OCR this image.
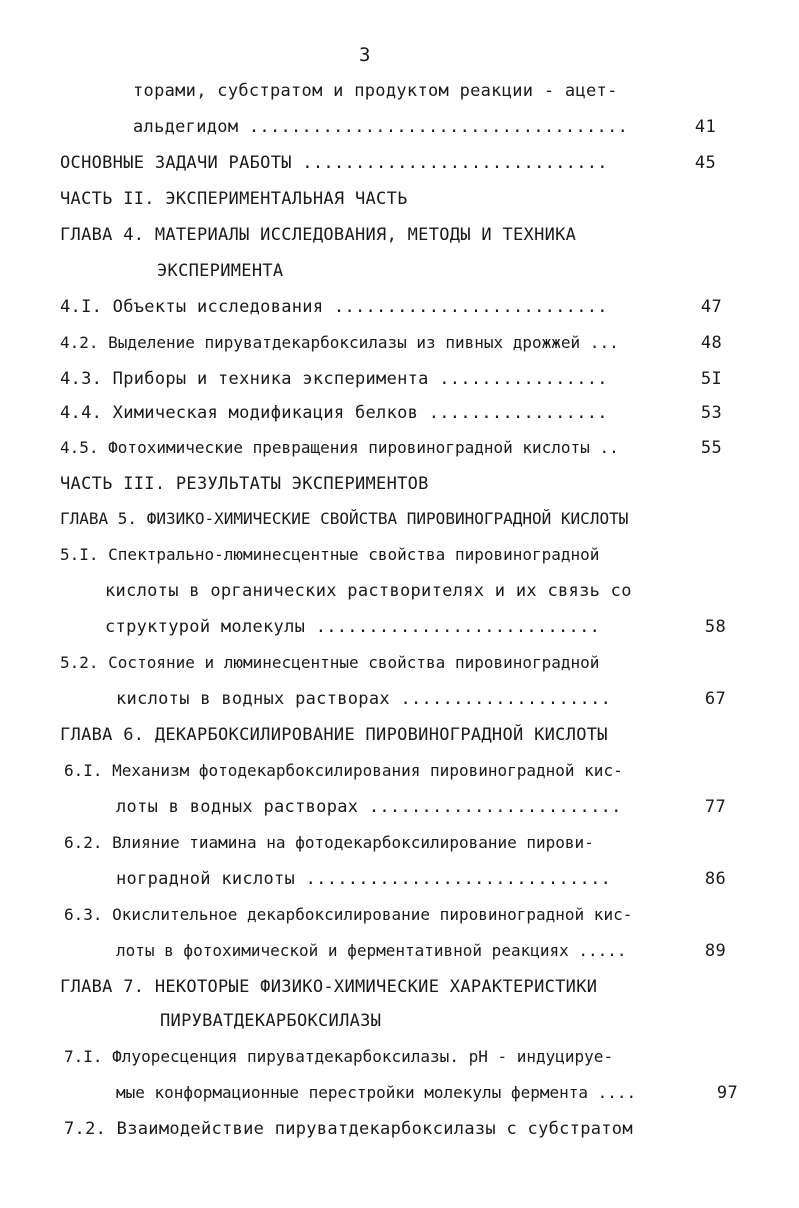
3
торами, субстратом и продуктом реакции - ацет-
альдегидом ....................................	41
ОСНОВНЫЕ ЗАДАЧИ РАБОТЫ .............................	45
ЧАСТЬ II. ЭКСПЕРИМЕНТАЛЬНАЯ ЧАСТЬ
ГЛАВА 4. МАТЕРИАЛЫ ИССЛЕДОВАНИЯ, МЕТОДЫ И ТЕХНИКА
ЭКСПЕРИМЕНТА
4.I. Объекты исследования ..........................	47
4.2. Выделение пируватдекарбоксилазы из пивных дрожжей ...	48
4.3. Приборы и техника эксперимента ................	5I
4.4. Химическая модификация белков .................	53
4.5. Фотохимические превращения пировиноградной кислоты ..	55
ЧАСТЬ III. РЕЗУЛЬТАТЫ ЭКСПЕРИМЕНТОВ
ГЛАВА 5. ФИЗИКО-ХИМИЧЕСКИЕ СВОЙСТВА ПИРОВИНОГРАДНОЙ КИСЛОТЫ
5.I. Спектрально-люминесцентные свойства пировиноградной
кислоты в органических растворителях и их связь со
структурой молекулы ...........................	58
5.2. Состояние и люминесцентные свойства пировиноградной
кислоты в водных растворах ....................	67
ГЛАВА 6. ДЕКАРБОКСИЛИРОВАНИЕ ПИРОВИНОГРАДНОЙ КИСЛОТЫ
6.I. Механизм фотодекарбоксилирования пировиноградной кис-
лоты в водных растворах ........................	77
6.2. Влияние тиамина на фотодекарбоксилирование пирови-
ноградной кислоты .............................	86
6.3. Окислительное декарбоксилирование пировиноградной кис-
лоты в фотохимической и ферментативной реакциях .....	89
ГЛАВА 7. НЕКОТОРЫЕ ФИЗИКО-ХИМИЧЕСКИЕ ХАРАКТЕРИСТИКИ
ПИРУВАТДЕКАРБОКСИЛАЗЫ
7.I. Флуоресценция пируватдекарбоксилазы. pH - индуцируе-
мые конформационные перестройки молекулы фермента ....	97
7.2. Взаимодействие пируватдекарбоксилазы с субстратом
